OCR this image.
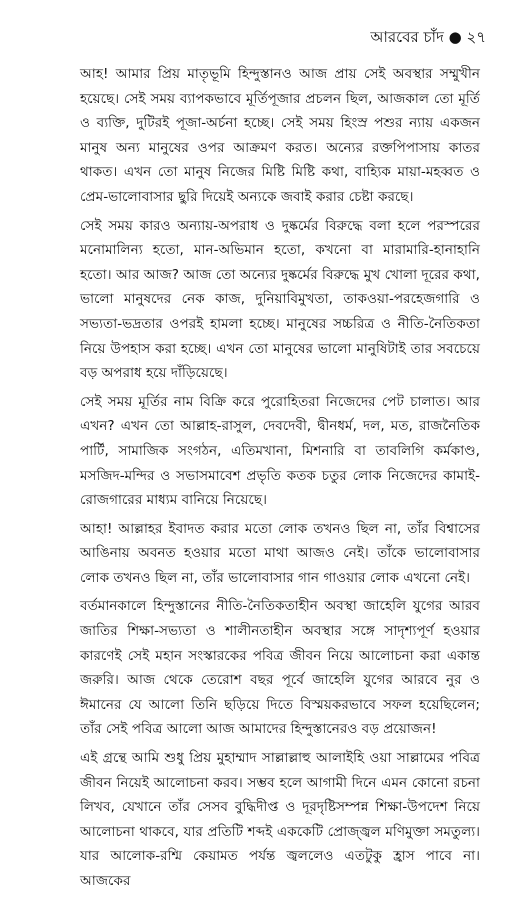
আরবের চাঁদ ● ২৭

আহ! আমার প্রিয় মাতৃভূমি হিন্দুস্তানও আজ প্রায় সেই অবস্থার সম্মুখীন হয়েছে। সেই সময় ব্যাপকভাবে মূর্তিপূজার প্রচলন ছিল, আজকাল তো মূর্তি ও ব্যক্তি, দুটিরই পূজা-অর্চনা হচ্ছে। সেই সময় হিংস্র পশুর ন্যায় একজন মানুষ অন্য মানুষের ওপর আক্রমণ করত। অন্যের রক্তপিপাসায় কাতর থাকত। এখন তো মানুষ নিজের মিষ্টি মিষ্টি কথা, বাহ্যিক মায়া-মহব্বত ও প্রেম-ভালোবাসার ছুরি দিয়েই অন্যকে জবাই করার চেষ্টা করছে।

সেই সময় কারও অন্যায়-অপরাধ ও দুষ্কর্মের বিরুদ্ধে বলা হলে পরস্পরের মনোমালিন্য হতো, মান-অভিমান হতো, কখনো বা মারামারি-হানাহানি হতো। আর আজ? আজ তো অন্যের দুষ্কর্মের বিরুদ্ধে মুখ খোলা দূরের কথা, ভালো মানুষদের নেক কাজ, দুনিয়াবিমুখতা, তাকওয়া-পরহেজগারি ও সভ্যতা-ভদ্রতার ওপরই হামলা হচ্ছে। মানুষের সচ্চরিত্র ও নীতি-নৈতিকতা নিয়ে উপহাস করা হচ্ছে। এখন তো মানুষের ভালো মানুষিটাই তার সবচেয়ে বড় অপরাধ হয়ে দাঁড়িয়েছে।

সেই সময় মূর্তির নাম বিক্রি করে পুরোহিতরা নিজেদের পেট চালাত। আর এখন? এখন তো আল্লাহ-রাসুল, দেবদেবী, দ্বীনধর্ম, দল, মত, রাজনৈতিক পার্টি, সামাজিক সংগঠন, এতিমখানা, মিশনারি বা তাবলিগি কর্মকাণ্ড, মসজিদ-মন্দির ও সভাসমাবেশ প্রভৃতি কতক চতুর লোক নিজেদের কামাই-রোজগারের মাধ্যম বানিয়ে নিয়েছে।

আহা! আল্লাহর ইবাদত করার মতো লোক তখনও ছিল না, তাঁর বিশ্বাসের আঙিনায় অবনত হওয়ার মতো মাথা আজও নেই। তাঁকে ভালোবাসার লোক তখনও ছিল না, তাঁর ভালোবাসার গান গাওয়ার লোক এখনো নেই।

বর্তমানকালে হিন্দুস্তানের নীতি-নৈতিকতাহীন অবস্থা জাহেলি যুগের আরব জাতির শিক্ষা-সভ্যতা ও শালীনতাহীন অবস্থার সঙ্গে সাদৃশ্যপূর্ণ হওয়ার কারণেই সেই মহান সংস্কারকের পবিত্র জীবন নিয়ে আলোচনা করা একান্ত জরুরি। আজ থেকে তেরোশ বছর পূর্বে জাহেলি যুগের আরবে নুর ও ঈমানের যে আলো তিনি ছড়িয়ে দিতে বিস্ময়করভাবে সফল হয়েছিলেন; তাঁর সেই পবিত্র আলো আজ আমাদের হিন্দুস্তানেরও বড় প্রয়োজন!

এই গ্রন্থে আমি শুধু প্রিয় মুহাম্মাদ সাল্লাল্লাহু আলাইহি ওয়া সাল্লামের পবিত্র জীবন নিয়েই আলোচনা করব। সম্ভব হলে আগামী দিনে এমন কোনো রচনা লিখব, যেখানে তাঁর সেসব বুদ্ধিদীপ্ত ও দূরদৃষ্টিসম্পন্ন শিক্ষা-উপদেশ নিয়ে আলোচনা থাকবে, যার প্রতিটি শব্দই এককেটি প্রোজ্জ্বল মণিমুক্তা সমতুল্য। যার আলোক-রশ্মি কেয়ামত পর্যন্ত জ্বললেও এতটুকু হ্রাস পাবে না। আজকের
